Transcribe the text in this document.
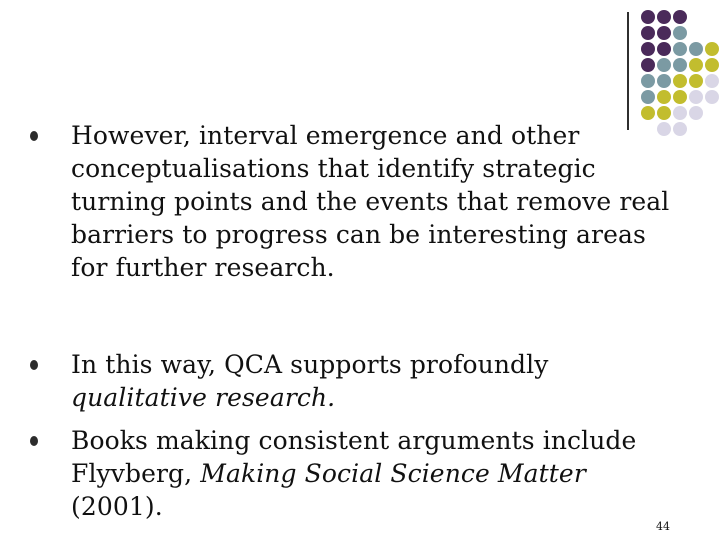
However, interval emergence and other conceptualisations that identify strategic turning points and the events that remove real barriers to progress can be interesting areas for further research.
In this way, QCA supports profoundly qualitative research.
Books making consistent arguments include Flyvberg, Making Social Science Matter (2001).
44
